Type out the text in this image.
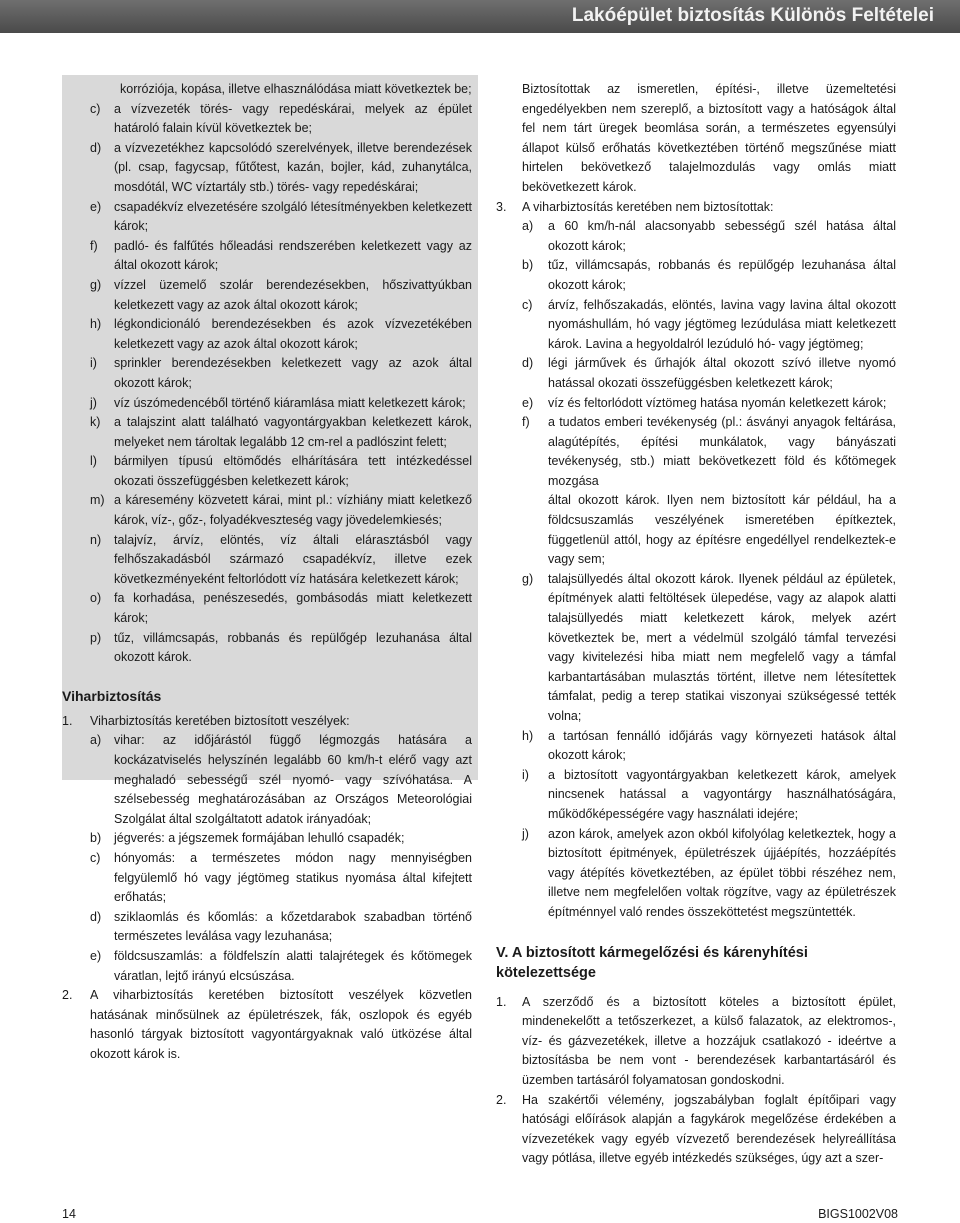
Lakóépület biztosítás Különös Feltételei
korróziója, kopása, illetve elhasználódása miatt következtek be;
c)	a vízvezeték törés- vagy repedéskárai, melyek az épület határoló falain kívül következtek be;
d)	a vízvezetékhez kapcsolódó szerelvények, illetve berendezések (pl. csap, fagycsap, fűtőtest, kazán, bojler, kád, zuhanytálca, mosdótál, WC víztartály stb.) törés- vagy repedéskárai;
e)	csapadékvíz elvezetésére szolgáló létesítményekben keletkezett károk;
f)	padló- és falfűtés hőleadási rendszerében keletkezett vagy az által okozott károk;
g)	vízzel üzemelő szolár berendezésekben, hőszivattyúkban keletkezett vagy az azok által okozott károk;
h)	légkondicionáló berendezésekben és azok vízvezetékében keletkezett vagy az azok által okozott károk;
i)	sprinkler berendezésekben keletkezett vagy az azok által okozott károk;
j)	víz úszómedencéből történő kiáramlása miatt keletkezett károk;
k)	a talajszint alatt található vagyontárgyakban keletkezett károk, melyeket nem tároltak legalább 12 cm-rel a padlószint felett;
l)	bármilyen típusú eltömődés elhárítására tett intézkedéssel okozati összefüggésben keletkezett károk;
m) a káresemény közvetett kárai, mint pl.: vízhiány miatt keletkező károk, víz-, gőz-, folyadékveszteség vagy jövedelemkiesés;
n)	talajvíz, árvíz, elöntés, víz általi elárasztásból vagy felhőszakadásból származó csapadékvíz, illetve ezek következményeként feltorlódott víz hatására keletkezett károk;
o)	fa korhadása, penészesedés, gombásodás miatt keletkezett károk;
p)	tűz, villámcsapás, robbanás és repülőgép lezuhanása által okozott károk.
Viharbiztosítás
1.	Viharbiztosítás keretében biztosított veszélyek:
a)	vihar: az időjárástól függő légmozgás hatására a kockázatviselés helyszínén legalább 60 km/h-t elérő vagy azt meghaladó sebességű szél nyomó- vagy szívóhatása. A szélsebesség meghatározásában az Országos Meteorológiai Szolgálat által szolgáltatott adatok irányadóak;
b)	jégverés: a jégszemek formájában lehulló csapadék;
c)	hónyomás: a természetes módon nagy mennyiségben felgyülemlő hó vagy jégtömeg statikus nyomása által kifejtett erőhatás;
d)	sziklaomlás és kőomlás: a kőzetdarabok szabadban történő természetes leválása vagy lezuhanása;
e)	földcsuszamlás: a földfelszín alatti talajrétegek és kőtömegek váratlan, lejtő irányú elcsúszása.
2.	A viharbiztosítás keretében biztosított veszélyek közvetlen hatásának minősülnek az épületrészek, fák, oszlopok és egyéb hasonló tárgyak biztosított vagyontárgyaknak való ütközése által okozott károk is.
Biztosítottak az ismeretlen, építési-, illetve üzemeltetési engedélyekben nem szereplő, a biztosított vagy a hatóságok által fel nem tárt üregek beomlása során, a természetes egyensúlyi állapot külső erőhatás következtében történő megszűnése miatt hirtelen bekövetkező talajelmozdulás vagy omlás miatt bekövetkezett károk.
3.	A viharbiztosítás keretében nem biztosítottak:
a)	a 60 km/h-nál alacsonyabb sebességű szél hatása által okozott károk;
b)	tűz, villámcsapás, robbanás és repülőgép lezuhanása által okozott károk;
c)	árvíz, felhőszakadás, elöntés, lavina vagy lavina által okozott nyomáshullám, hó vagy jégtömeg lezúdulása miatt keletkezett károk. Lavina a hegyoldalról lezúduló hó- vagy jégtömeg;
d)	légi járművek és űrhajók által okozott szívó illetve nyomó hatással okozati összefüggésben keletkezett károk;
e)	víz és feltorlódott víztömeg hatása nyomán keletkezett károk;
f)	a tudatos emberi tevékenység (pl.: ásványi anyagok feltárása, alagútépítés, építési munkálatok, vagy bányászati tevékenység, stb.) miatt bekövetkezett föld és kőtömegek mozgása
által okozott károk. Ilyen nem biztosított kár például, ha a földcsuszamlás veszélyének ismeretében építkeztek, függetlenül attól, hogy az építésre engedéllyel rendelkeztek-e vagy sem;
g)	talajsüllyedés által okozott károk. Ilyenek például az épületek, építmények alatti feltöltések ülepedése, vagy az alapok alatti talajsüllyedés miatt keletkezett károk, melyek azért következtek be, mert a védelmül szolgáló támfal tervezési vagy kivitelezési hiba miatt nem megfelelő vagy a támfal karbantartásában mulasztás történt, illetve nem létesítettek támfalat, pedig a terep statikai viszonyai szükségessé tették volna;
h)	a tartósan fennálló időjárás vagy környezeti hatások által okozott károk;
i)	a biztosított vagyontárgyakban keletkezett károk, amelyek nincsenek hatással a vagyontárgy használhatóságára, működőképességére vagy használati idejére;
j)	azon károk, amelyek azon okból kifolyólag keletkeztek, hogy a biztosított épitmények, épületrészek újjáépítés, hozzáépítés vagy átépítés következtében, az épület többi részéhez nem, illetve nem megfelelően voltak rögzítve, vagy az épületrészek építménnyel való rendes összeköttetést megszüntették.
V. A biztosított kármegelőzési és kárenyhítési kötelezettsége
1.	A szerződő és a biztosított köteles a biztosított épület, mindenekelőtt a tetőszerkezet, a külső falazatok, az elektromos-, víz- és gázvezetékek, illetve a hozzájuk csatlakozó - ideértve a biztosításba be nem vont - berendezések karbantartásáról és üzemben tartásáról folyamatosan gondoskodni.
2.	Ha szakértői vélemény, jogszabályban foglalt építőipari vagy hatósági előírások alapján a fagykárok megelőzése érdekében a vízvezetékek vagy egyéb vízvezető berendezések helyreállítása vagy pótlása, illetve egyéb intézkedés szükséges, úgy azt a szer-
14	BIGS1002V08
